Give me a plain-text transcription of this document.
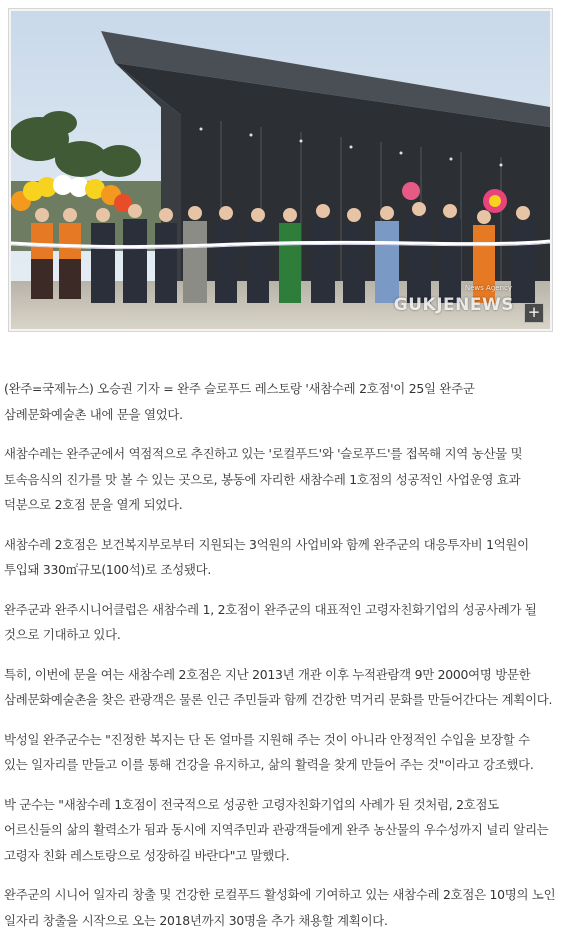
News Agency
GUKJENEWS +

(완주=국제뉴스) 오승권 기자 = 완주 슬로푸드 레스토랑 '새참수레 2호점'이 25일 완주군 삼례문화예술촌 내에 문을 열었다.

새참수레는 완주군에서 역점적으로 추진하고 있는 '로컬푸드'와 '슬로푸드'를 접목해 지역 농산물 및 토속음식의 진가를 맛 볼 수 있는 곳으로, 봉동에 자리한 새참수레 1호점의 성공적인 사업운영 효과 덕분으로 2호점 문을 열게 되었다.

새참수레 2호점은 보건복지부로부터 지원되는 3억원의 사업비와 함께 완주군의 대응투자비 1억원이 투입돼 330㎡규모(100석)로 조성됐다.

완주군과 완주시니어클럽은 새참수레 1, 2호점이 완주군의 대표적인 고령자친화기업의 성공사례가 될 것으로 기대하고 있다.

특히, 이번에 문을 여는 새참수레 2호점은 지난 2013년 개관 이후 누적관람객 9만 2000여명 방문한 삼례문화예술촌을 찾은 관광객은 물론 인근 주민들과 함께 건강한 먹거리 문화를 만들어간다는 계획이다.

박성일 완주군수는 "진정한 복지는 단 돈 얼마를 지원해 주는 것이 아니라 안정적인 수입을 보장할 수 있는 일자리를 만들고 이를 통해 건강을 유지하고, 삶의 활력을 찾게 만들어 주는 것"이라고 강조했다.

박 군수는 "새참수레 1호점이 전국적으로 성공한 고령자친화기업의 사례가 된 것처럼, 2호점도 어르신들의 삶의 활력소가 됨과 동시에 지역주민과 관광객들에게 완주 농산물의 우수성까지 널리 알리는 고령자 친화 레스토랑으로 성장하길 바란다"고 말했다.

완주군의 시니어 일자리 창출 및 건강한 로컬푸드 활성화에 기여하고 있는 새참수레 2호점은 10명의 노인 일자리 창출을 시작으로 오는 2018년까지 30명을 추가 채용할 계획이다.
